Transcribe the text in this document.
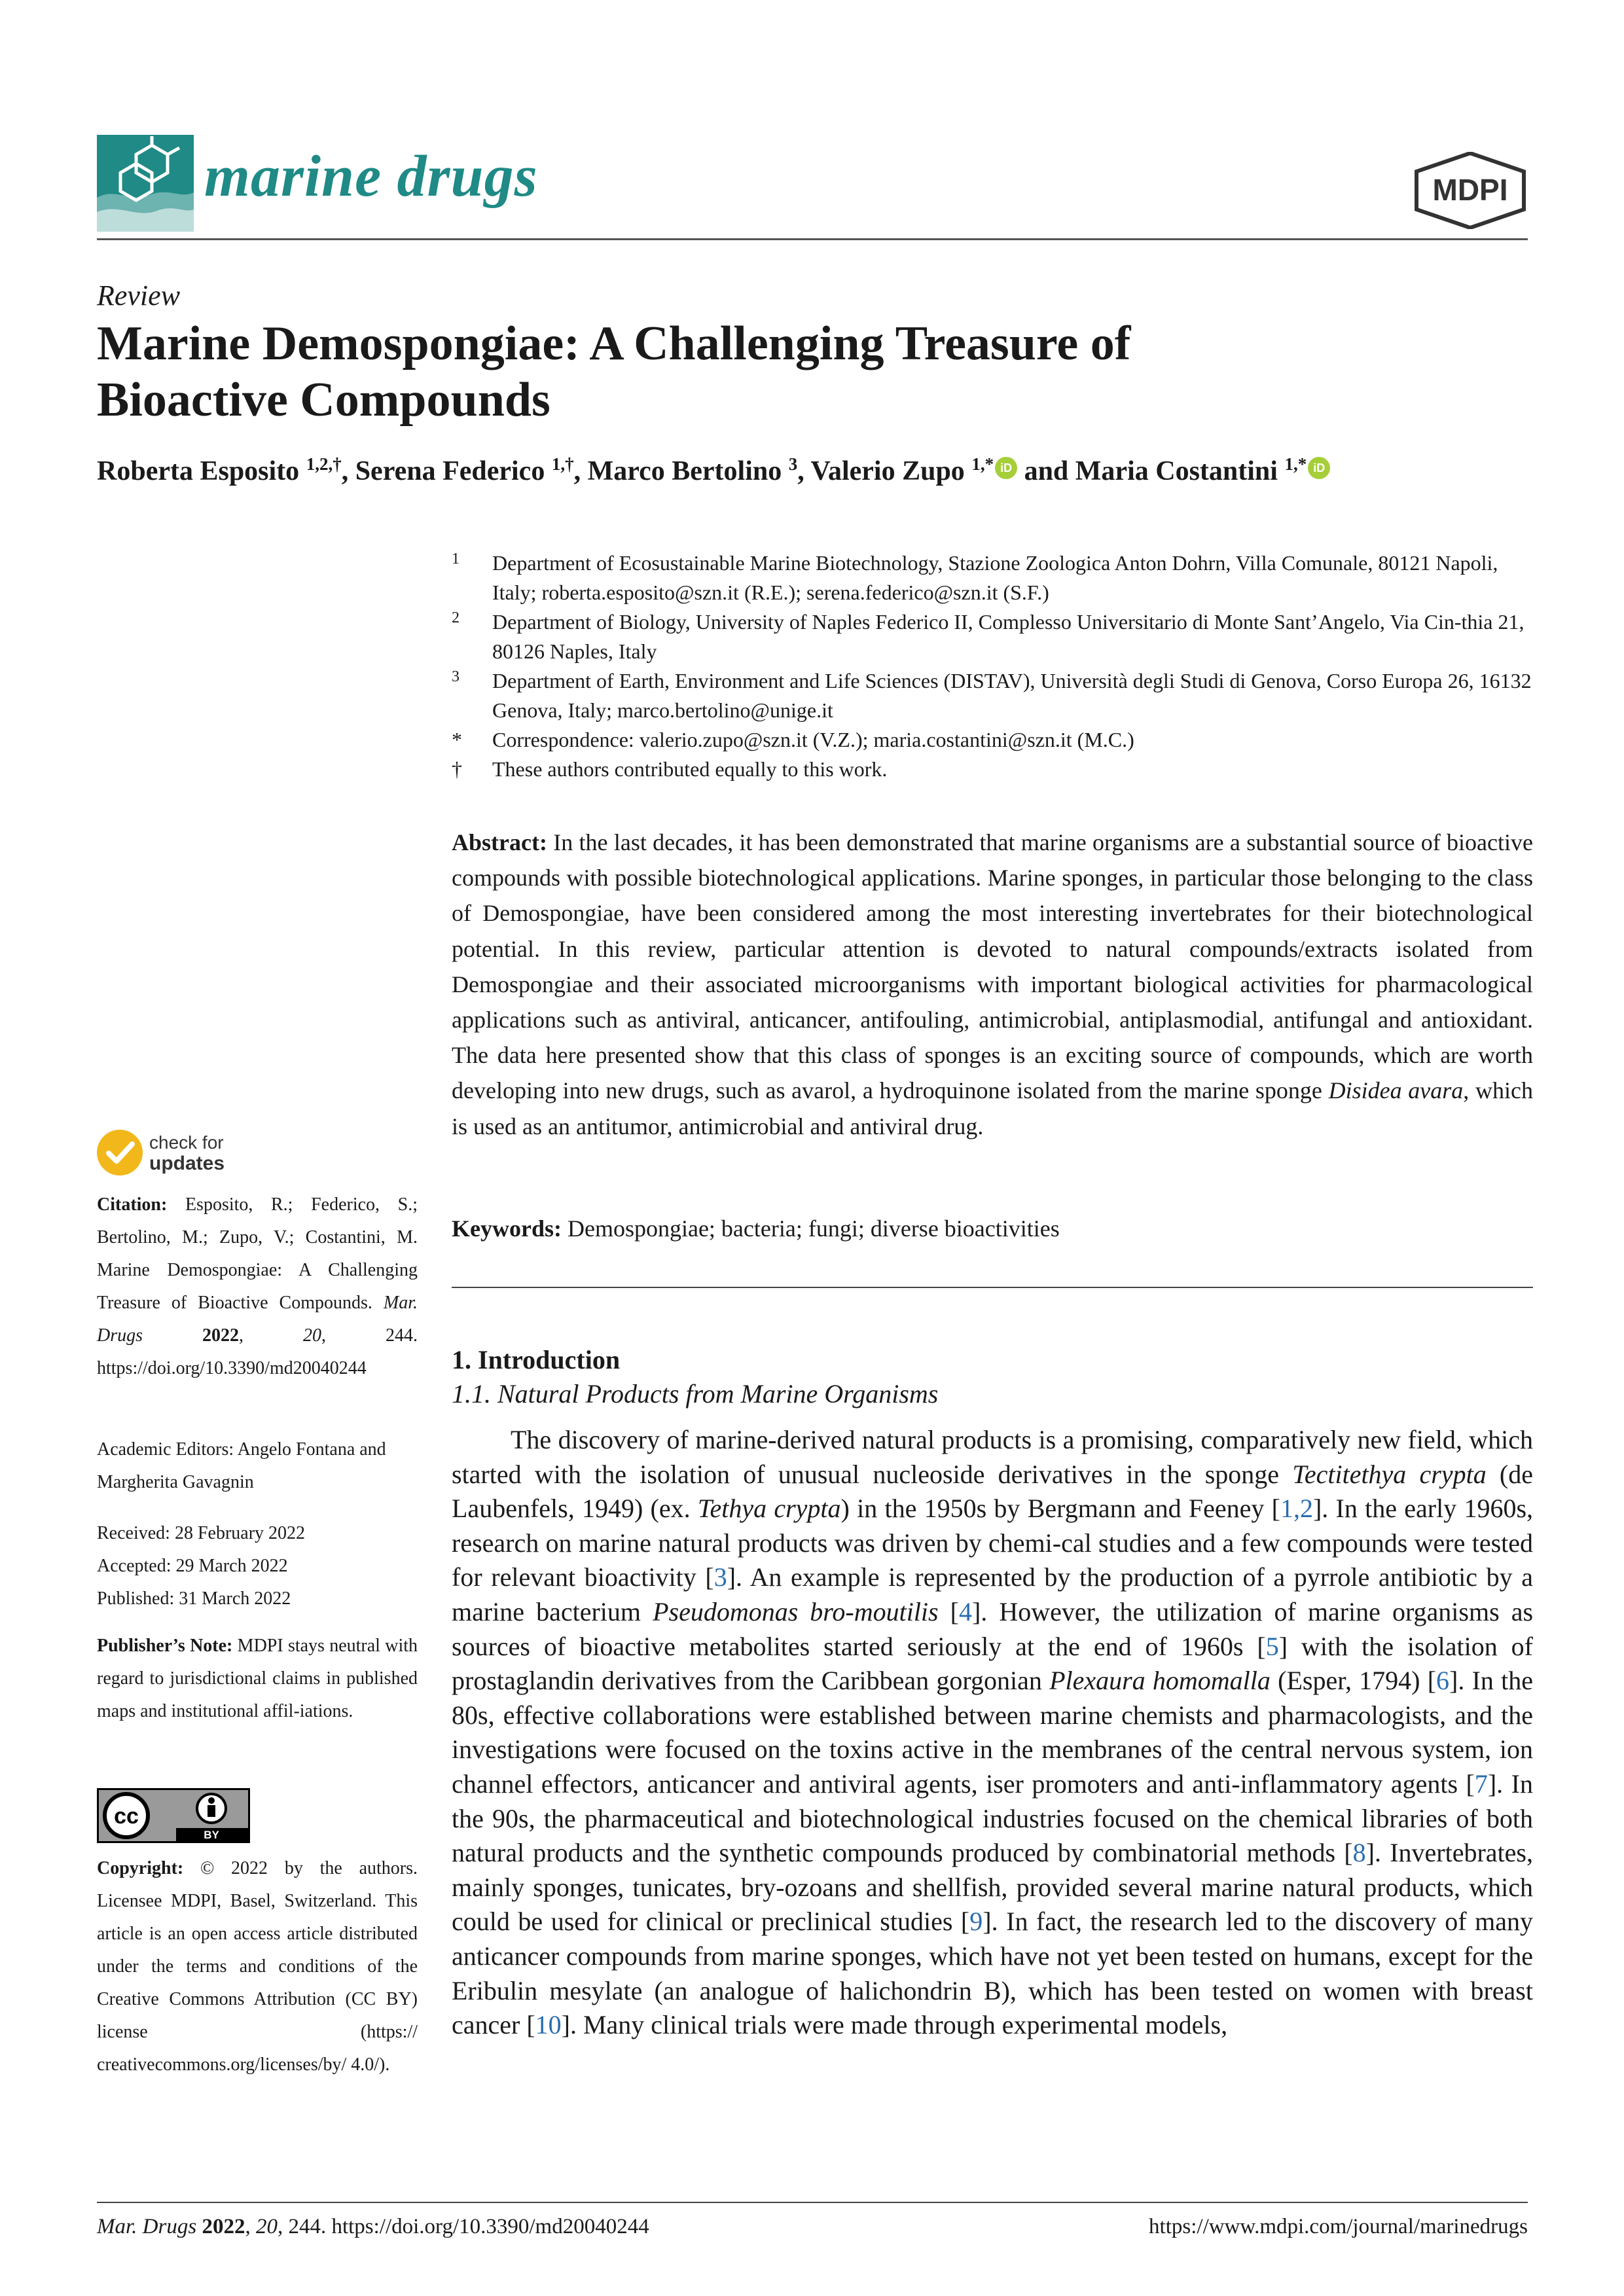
marine drugs	MDPI
Review
Marine Demospongiae: A Challenging Treasure of
Bioactive Compounds
Roberta Esposito $^{1,2,\dagger}$, Serena Federico $^{1,\dagger}$, Marco Bertolino $^3$, Valerio Zupo $^{1,*}$ iD and Maria Costantini $^{1,*}$ iD
1 Department of Ecosustainable Marine Biotechnology, Stazione Zoologica Anton Dohrn, Villa Comunale, 80121 Napoli, Italy; roberta.esposito@szn.it (R.E.); serena.federico@szn.it (S.F.)
2 Department of Biology, University of Naples Federico II, Complesso Universitario di Monte Sant’Angelo, Via Cin-thia 21, 80126 Naples, Italy
3 Department of Earth, Environment and Life Sciences (DISTAV), Università degli Studi di Genova, Corso Europa 26, 16132 Genova, Italy; marco.bertolino@unige.it
* Correspondence: valerio.zupo@szn.it (V.Z.); maria.costantini@szn.it (M.C.)
† These authors contributed equally to this work.
Abstract: In the last decades, it has been demonstrated that marine organisms are a substantial source of bioactive compounds with possible biotechnological applications. Marine sponges, in particular those belonging to the class of Demospongiae, have been considered among the most interesting invertebrates for their biotechnological potential. In this review, particular attention is devoted to natural compounds/extracts isolated from Demospongiae and their associated microorganisms with important biological activities for pharmacological applications such as antiviral, anticancer, antifouling, antimicrobial, antiplasmodial, antifungal and antioxidant. The data here presented show that this class of sponges is an exciting source of compounds, which are worth developing into new drugs, such as avarol, a hydroquinone isolated from the marine sponge Disidea avara, which is used as an antitumor, antimicrobial and antiviral drug.
Keywords: Demospongiae; bacteria; fungi; diverse bioactivities
1. Introduction
1.1. Natural Products from Marine Organisms
The discovery of marine-derived natural products is a promising, comparatively new field, which started with the isolation of unusual nucleoside derivatives in the sponge Tectitethya crypta (de Laubenfels, 1949) (ex. Tethya crypta) in the 1950s by Bergmann and Feeney [1,2]. In the early 1960s, research on marine natural products was driven by chemi-cal studies and a few compounds were tested for relevant bioactivity [3]. An example is represented by the production of a pyrrole antibiotic by a marine bacterium Pseudomonas bro-moutilis [4]. However, the utilization of marine organisms as sources of bioactive metabolites started seriously at the end of 1960s [5] with the isolation of prostaglandin derivatives from the Caribbean gorgonian Plexaura homomalla (Esper, 1794) [6]. In the 80s, effective collaborations were established between marine chemists and pharmacologists, and the investigations were focused on the toxins active in the membranes of the central nervous system, ion channel effectors, anticancer and antiviral agents, iser promoters and anti-inflammatory agents [7]. In the 90s, the pharmaceutical and biotechnological industries focused on the chemical libraries of both natural products and the synthetic compounds produced by combinatorial methods [8]. Invertebrates, mainly sponges, tunicates, bry-ozoans and shellfish, provided several marine natural products, which could be used for clinical or preclinical studies [9]. In fact, the research led to the discovery of many anticancer compounds from marine sponges, which have not yet been tested on humans, except for the Eribulin mesylate (an analogue of halichondrin B), which has been tested on women with breast cancer [10]. Many clinical trials were made through experimental models,
check for
updates
Citation: Esposito, R.; Federico, S.; Bertolino, M.; Zupo, V.; Costantini, M. Marine Demospongiae: A Challenging Treasure of Bioactive Compounds. Mar. Drugs	2022, 20, 244. https://doi.org/10.3390/md20040244
Academic Editors: Angelo Fontana and Margherita Gavagnin
Received: 28 February 2022
Accepted: 29 March 2022
Published: 31 March 2022
Publisher’s Note: MDPI stays neutral with regard to jurisdictional claims in published maps and institutional affil-iations.
cc
BY
Copyright: © 2022 by the authors. Licensee MDPI, Basel, Switzerland. This article is an open access article distributed under the terms and conditions of the Creative Commons Attribution (CC BY) license (https:// creativecommons.org/licenses/by/ 4.0/).
Mar. Drugs 2022, 20, 244. https://doi.org/10.3390/md20040244	https://www.mdpi.com/journal/marinedrugs
